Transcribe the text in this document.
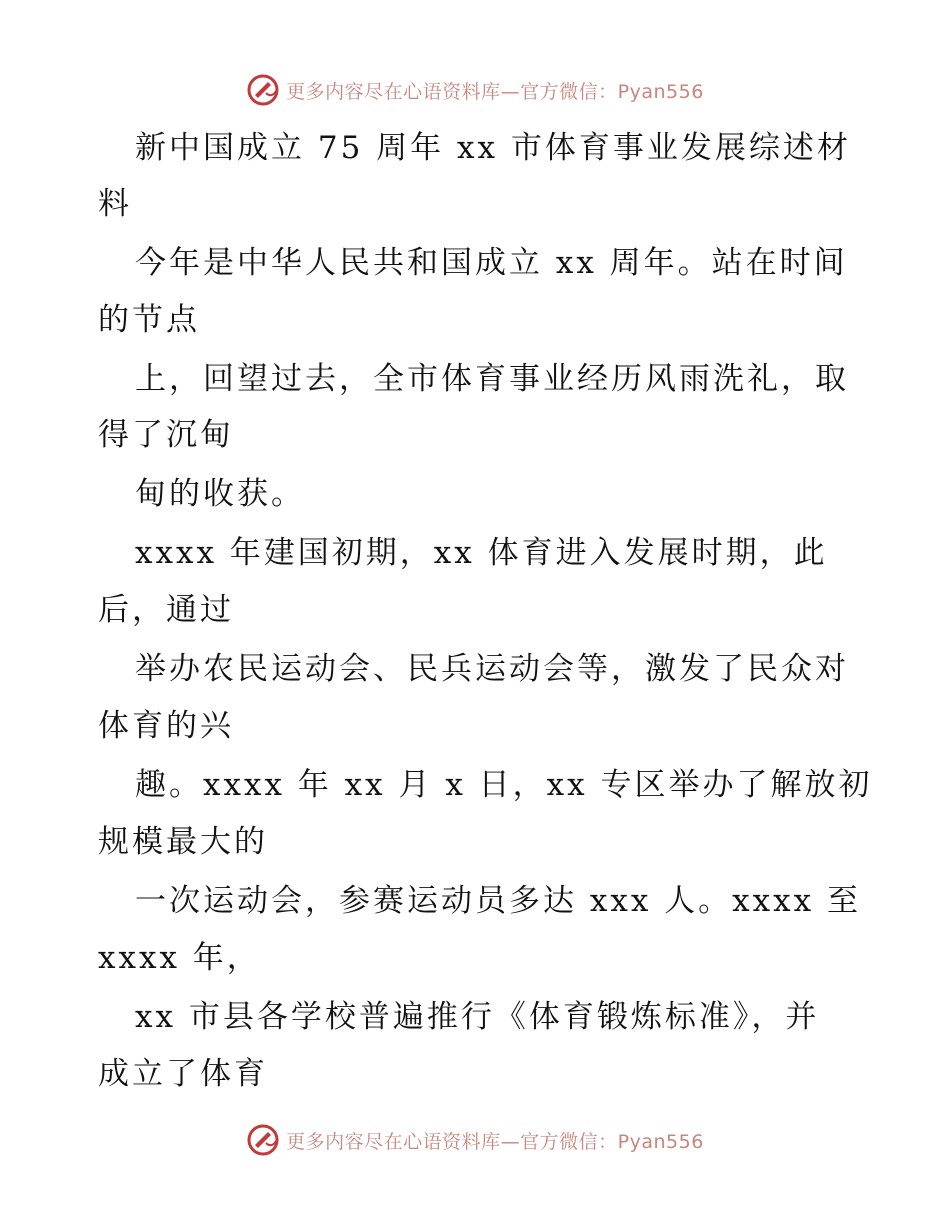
更多内容尽在心语资料库—官方微信：Pyan556
新中国成立 75 周年 xx 市体育事业发展综述材
料
今年是中华人民共和国成立 xx 周年。站在时间
的节点
上，回望过去，全市体育事业经历风雨洗礼，取
得了沉甸
甸的收获。
xxxx 年建国初期，xx 体育进入发展时期，此
后，通过
举办农民运动会、民兵运动会等，激发了民众对
体育的兴
趣。xxxx 年 xx 月 x 日，xx 专区举办了解放初
规模最大的
一次运动会，参赛运动员多达 xxx 人。xxxx 至
xxxx 年，
xx 市县各学校普遍推行《体育锻炼标准》，并
成立了体育
更多内容尽在心语资料库—官方微信：Pyan556
